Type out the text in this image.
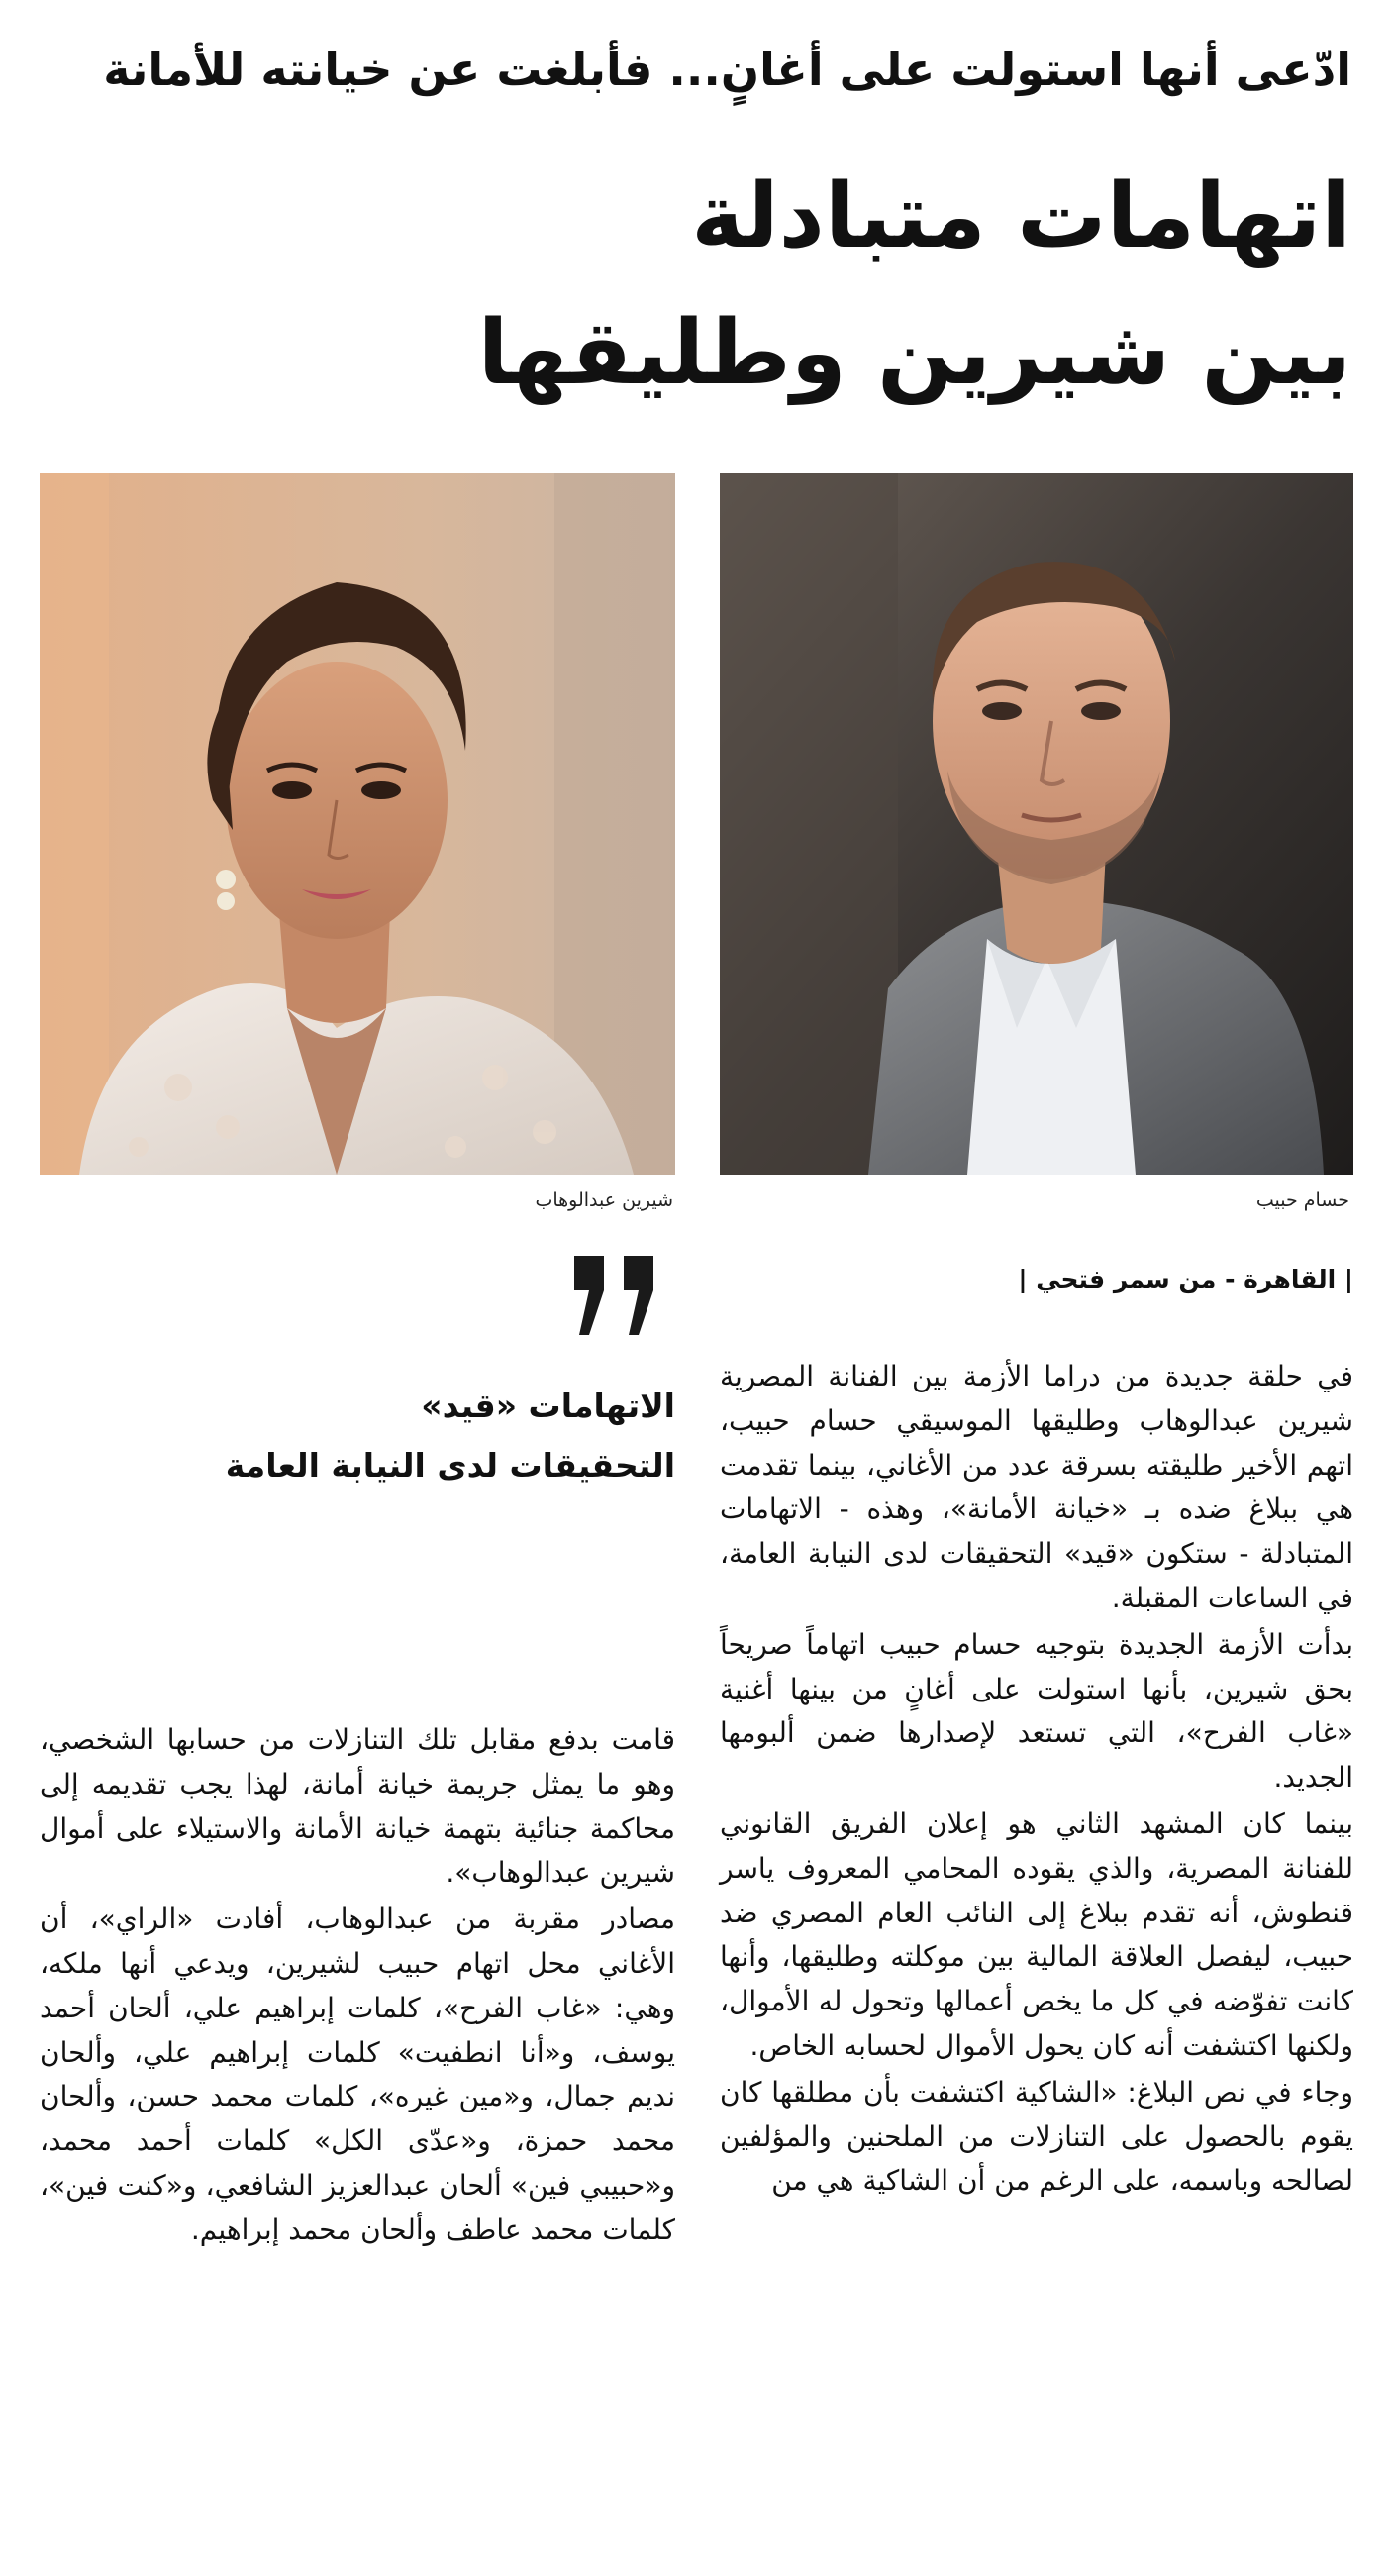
ادّعى أنها استولت على أغانٍ... فأبلغت عن خيانته للأمانة
اتهامات متبادلة
بين شيرين وطليقها
حسام حبيب
شيرين عبدالوهاب
| القاهرة - من سمر فتحي |

في حلقة جديدة من دراما الأزمة بين الفنانة المصرية شيرين عبدالوهاب وطليقها الموسيقي حسام حبيب، اتهم الأخير طليقته بسرقة عدد من الأغاني، بينما تقدمت هي ببلاغ ضده بـ «خيانة الأمانة»، وهذه - الاتهامات المتبادلة - ستكون «قيد» التحقيقات لدى النيابة العامة، في الساعات المقبلة.

بدأت الأزمة الجديدة بتوجيه حسام حبيب اتهاماً صريحاً بحق شيرين، بأنها استولت على أغانٍ من بينها أغنية «غاب الفرح»، التي تستعد لإصدارها ضمن ألبومها الجديد.

بينما كان المشهد الثاني هو إعلان الفريق القانوني للفنانة المصرية، والذي يقوده المحامي المعروف ياسر قنطوش، أنه تقدم ببلاغ إلى النائب العام المصري ضد حبيب، ليفصل العلاقة المالية بين موكلته وطليقها، وأنها كانت تفوّضه في كل ما يخص أعمالها وتحول له الأموال، ولكنها اكتشفت أنه كان يحول الأموال لحسابه الخاص.

وجاء في نص البلاغ: «الشاكية اكتشفت بأن مطلقها كان يقوم بالحصول على التنازلات من الملحنين والمؤلفين لصالحه وباسمه، على الرغم من أن الشاكية هي من

الاتهامات «قيد»
التحقيقات لدى النيابة العامة

قامت بدفع مقابل تلك التنازلات من حسابها الشخصي، وهو ما يمثل جريمة خيانة أمانة، لهذا يجب تقديمه إلى محاكمة جنائية بتهمة خيانة الأمانة والاستيلاء على أموال شيرين عبدالوهاب».

مصادر مقربة من عبدالوهاب، أفادت «الراي»، أن الأغاني محل اتهام حبيب لشيرين، ويدعي أنها ملكه، وهي: «غاب الفرح»، كلمات إبراهيم علي، ألحان أحمد يوسف، و«أنا انطفيت» كلمات إبراهيم علي، وألحان نديم جمال، و«مين غيره»، كلمات محمد حسن، وألحان محمد حمزة، و«عدّى الكل» كلمات أحمد محمد، و«حبيبي فين» ألحان عبدالعزيز الشافعي، و«كنت فين»، كلمات محمد عاطف وألحان محمد إبراهيم.
